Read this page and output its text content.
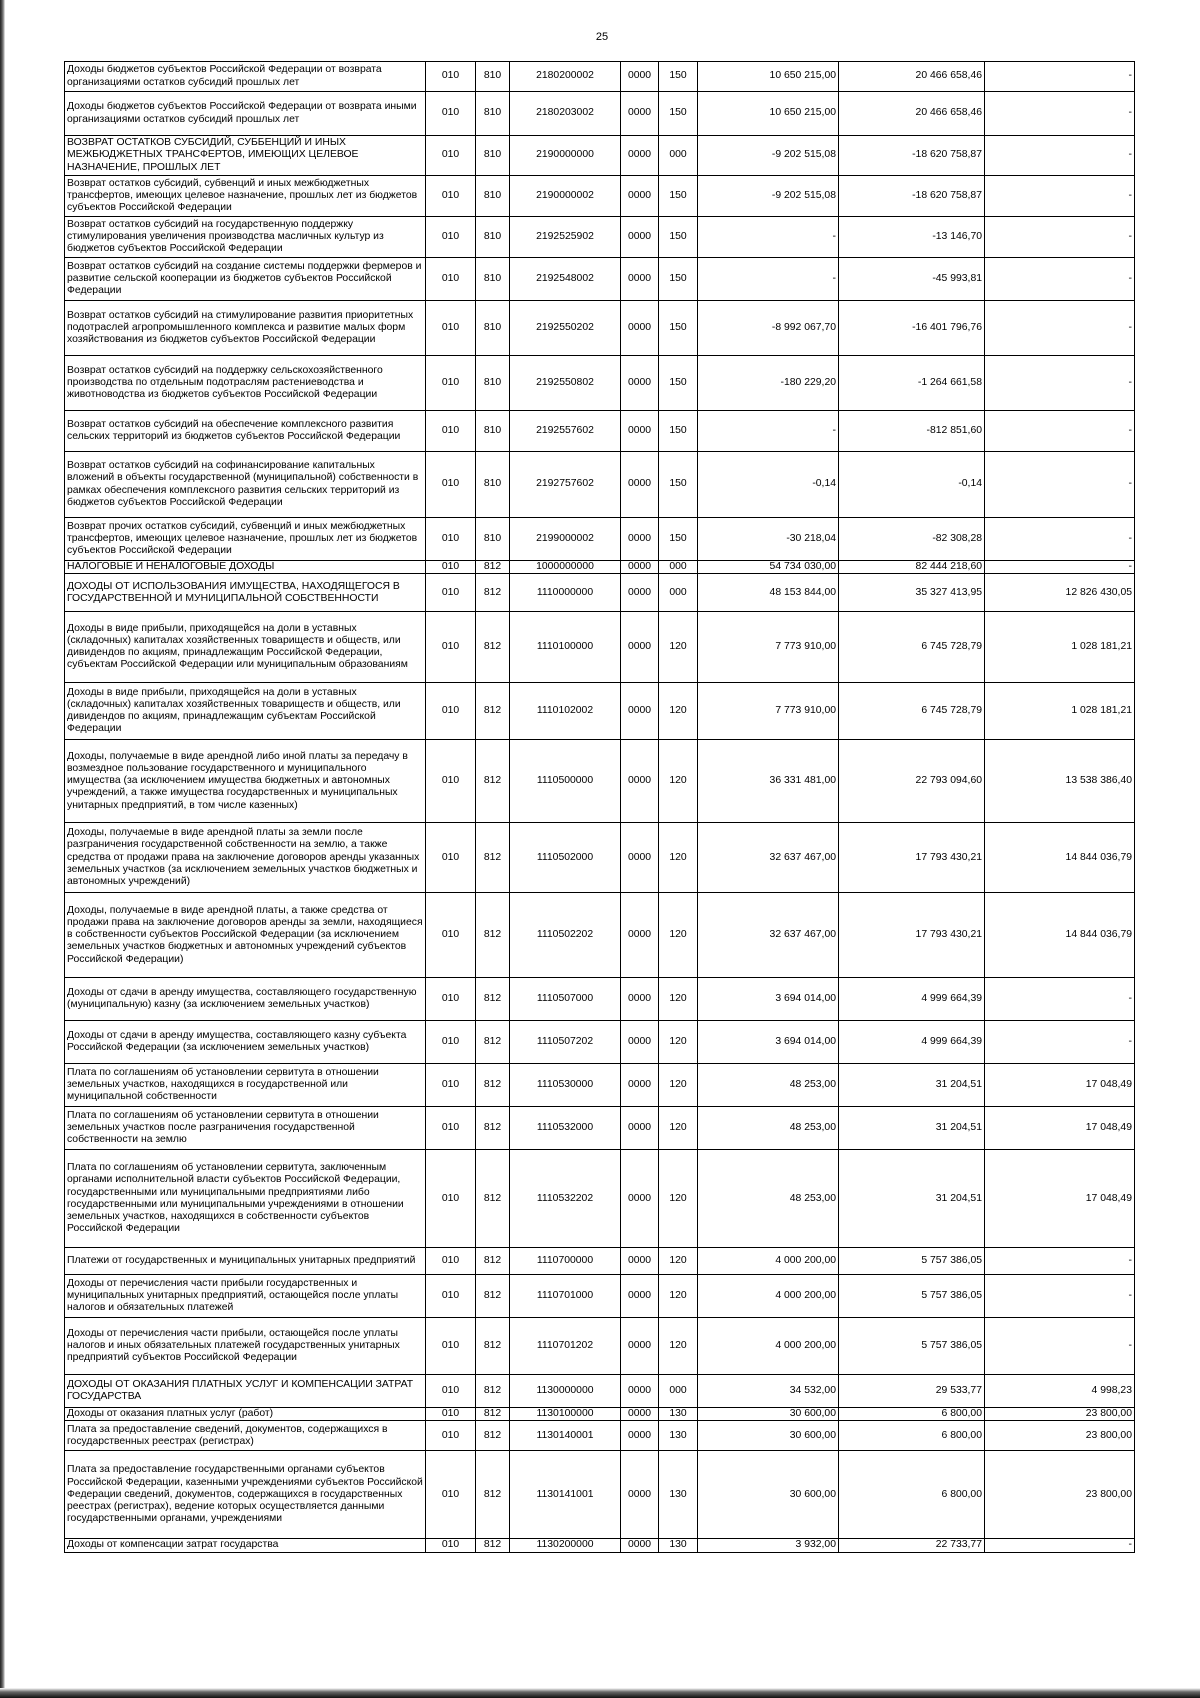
25
Доходы бюджетов субъектов Российской Федерации от возврата организациями остатков субсидий прошлых лет	010	810	2180200002	0000	150	10 650 215,00	20 466 658,46	-
Доходы бюджетов субъектов Российской Федерации от возврата иными организациями остатков субсидий прошлых лет	010	810	2180203002	0000	150	10 650 215,00	20 466 658,46	-
ВОЗВРАТ ОСТАТКОВ СУБСИДИЙ, СУББЕНЦИЙ И ИНЫХ МЕЖБЮДЖЕТНЫХ ТРАНСФЕРТОВ, ИМЕЮЩИХ ЦЕЛЕВОЕ НАЗНАЧЕНИЕ, ПРОШЛЫХ ЛЕТ	010	810	2190000000	0000	000	-9 202 515,08	-18 620 758,87	-
Возврат остатков субсидий, субвенций и иных межбюджетных трансфертов, имеющих целевое назначение, прошлых лет из бюджетов субъектов Российской Федерации	010	810	2190000002	0000	150	-9 202 515,08	-18 620 758,87	-
Возврат остатков субсидий на государственную поддержку стимулирования увеличения производства масличных культур из бюджетов субъектов Российской Федерации	010	810	2192525902	0000	150	-	-13 146,70	-
Возврат остатков субсидий на создание системы поддержки фермеров и развитие сельской кооперации из бюджетов субъектов Российской Федерации	010	810	2192548002	0000	150	-	-45 993,81	-
Возврат остатков субсидий на стимулирование развития приоритетных подотраслей агропромышленного комплекса и развитие малых форм хозяйствования из бюджетов субъектов Российской Федерации	010	810	2192550202	0000	150	-8 992 067,70	-16 401 796,76	-
Возврат остатков субсидий на поддержку сельскохозяйственного производства по отдельным подотраслям растениеводства и животноводства из бюджетов субъектов Российской Федерации	010	810	2192550802	0000	150	-180 229,20	-1 264 661,58	-
Возврат остатков субсидий на обеспечение комплексного развития сельских территорий из бюджетов субъектов Российской Федерации	010	810	2192557602	0000	150	-	-812 851,60	-
Возврат остатков субсидий на софинансирование капитальных вложений в объекты государственной (муниципальной) собственности в рамках обеспечения комплексного развития сельских территорий из бюджетов субъектов Российской Федерации	010	810	2192757602	0000	150	-0,14	-0,14	-
Возврат прочих остатков субсидий, субвенций и иных межбюджетных трансфертов, имеющих целевое назначение, прошлых лет из бюджетов субъектов Российской Федерации	010	810	2199000002	0000	150	-30 218,04	-82 308,28	-
НАЛОГОВЫЕ И НЕНАЛОГОВЫЕ ДОХОДЫ	010	812	1000000000	0000	000	54 734 030,00	82 444 218,60	-
ДОХОДЫ ОТ ИСПОЛЬЗОВАНИЯ ИМУЩЕСТВА, НАХОДЯЩЕГОСЯ В ГОСУДАРСТВЕННОЙ И МУНИЦИПАЛЬНОЙ СОБСТВЕННОСТИ	010	812	1110000000	0000	000	48 153 844,00	35 327 413,95	12 826 430,05
Доходы в виде прибыли, приходящейся на доли в уставных (складочных) капиталах хозяйственных товариществ и обществ, или дивидендов по акциям, принадлежащим Российской Федерации, субъектам Российской Федерации или муниципальным образованиям	010	812	1110100000	0000	120	7 773 910,00	6 745 728,79	1 028 181,21
Доходы в виде прибыли, приходящейся на доли в уставных (складочных) капиталах хозяйственных товариществ и обществ, или дивидендов по акциям, принадлежащим субъектам Российской Федерации	010	812	1110102002	0000	120	7 773 910,00	6 745 728,79	1 028 181,21
Доходы, получаемые в виде арендной либо иной платы за передачу в возмездное пользование государственного и муниципального имущества (за исключением имущества бюджетных и автономных учреждений, а также имущества государственных и муниципальных унитарных предприятий, в том числе казенных)	010	812	1110500000	0000	120	36 331 481,00	22 793 094,60	13 538 386,40
Доходы, получаемые в виде арендной платы за земли после разграничения государственной собственности на землю, а также средства от продажи права на заключение договоров аренды указанных земельных участков (за исключением земельных участков бюджетных и автономных учреждений)	010	812	1110502000	0000	120	32 637 467,00	17 793 430,21	14 844 036,79
Доходы, получаемые в виде арендной платы, а также средства от продажи права на заключение договоров аренды за земли, находящиеся в собственности субъектов Российской Федерации (за исключением земельных участков бюджетных и автономных учреждений субъектов Российской Федерации)	010	812	1110502202	0000	120	32 637 467,00	17 793 430,21	14 844 036,79
Доходы от сдачи в аренду имущества, составляющего государственную (муниципальную) казну (за исключением земельных участков)	010	812	1110507000	0000	120	3 694 014,00	4 999 664,39	-
Доходы от сдачи в аренду имущества, составляющего казну субъекта Российской Федерации (за исключением земельных участков)	010	812	1110507202	0000	120	3 694 014,00	4 999 664,39	-
Плата по соглашениям об установлении сервитута в отношении земельных участков, находящихся в государственной или муниципальной собственности	010	812	1110530000	0000	120	48 253,00	31 204,51	17 048,49
Плата по соглашениям об установлении сервитута в отношении земельных участков после разграничения государственной собственности на землю	010	812	1110532000	0000	120	48 253,00	31 204,51	17 048,49
Плата по соглашениям об установлении сервитута, заключенным органами исполнительной власти субъектов Российской Федерации, государственными или муниципальными предприятиями либо государственными или муниципальными учреждениями в отношении земельных участков, находящихся в собственности субъектов Российской Федерации	010	812	1110532202	0000	120	48 253,00	31 204,51	17 048,49
Платежи от государственных и муниципальных унитарных предприятий	010	812	1110700000	0000	120	4 000 200,00	5 757 386,05	-
Доходы от перечисления части прибыли государственных и муниципальных унитарных предприятий, остающейся после уплаты налогов и обязательных платежей	010	812	1110701000	0000	120	4 000 200,00	5 757 386,05	-
Доходы от перечисления части прибыли, остающейся после уплаты налогов и иных обязательных платежей государственных унитарных предприятий субъектов Российской Федерации	010	812	1110701202	0000	120	4 000 200,00	5 757 386,05	-
ДОХОДЫ ОТ ОКАЗАНИЯ ПЛАТНЫХ УСЛУГ И КОМПЕНСАЦИИ ЗАТРАТ ГОСУДАРСТВА	010	812	1130000000	0000	000	34 532,00	29 533,77	4 998,23
Доходы от оказания платных услуг (работ)	010	812	1130100000	0000	130	30 600,00	6 800,00	23 800,00
Плата за предоставление сведений, документов, содержащихся в государственных реестрах (регистрах)	010	812	1130140001	0000	130	30 600,00	6 800,00	23 800,00
Плата за предоставление государственными органами субъектов Российской Федерации, казенными учреждениями субъектов Российской Федерации сведений, документов, содержащихся в государственных реестрах (регистрах), ведение которых осуществляется данными государственными органами, учреждениями	010	812	1130141001	0000	130	30 600,00	6 800,00	23 800,00
Доходы от компенсации затрат государства	010	812	1130200000	0000	130	3 932,00	22 733,77	-
